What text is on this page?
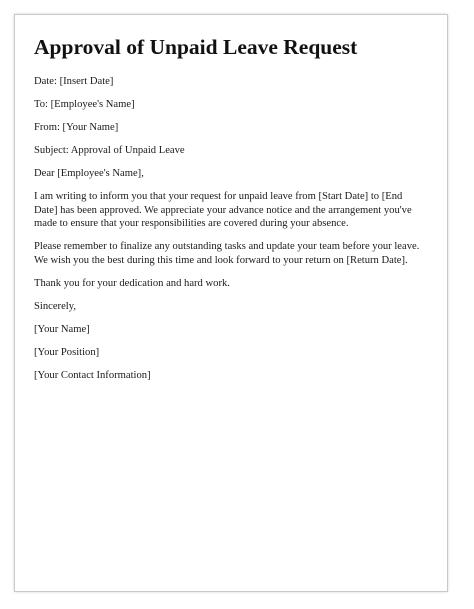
Approval of Unpaid Leave Request

Date: [Insert Date]

To: [Employee's Name]

From: [Your Name]

Subject: Approval of Unpaid Leave

Dear [Employee's Name],

I am writing to inform you that your request for unpaid leave from [Start Date] to [End Date] has been approved. We appreciate your advance notice and the arrangement you've made to ensure that your responsibilities are covered during your absence.

Please remember to finalize any outstanding tasks and update your team before your leave. We wish you the best during this time and look forward to your return on [Return Date].

Thank you for your dedication and hard work.

Sincerely,

[Your Name]

[Your Position]

[Your Contact Information]
